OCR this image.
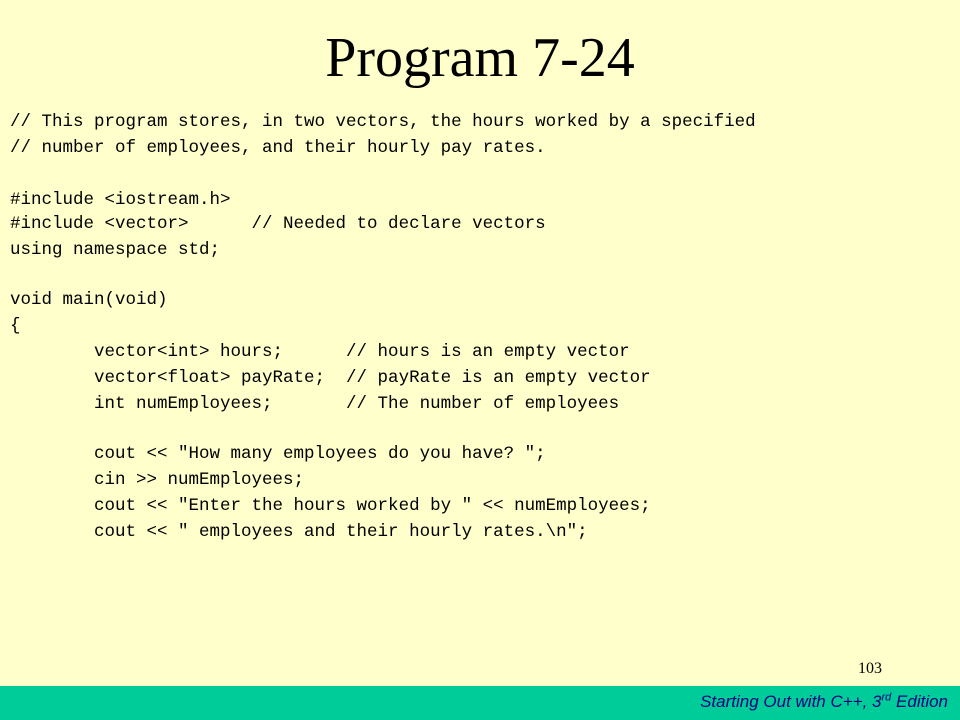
Program 7-24
// This program stores, in two vectors, the hours worked by a specified
// number of employees, and their hourly pay rates.
#include <iostream.h>
#include <vector>      // Needed to declare vectors
using namespace std;
void main(void)
{
vector<int> hours;      // hours is an empty vector
vector<float> payRate;  // payRate is an empty vector
int numEmployees;       // The number of employees
cout << "How many employees do you have? ";
cin >> numEmployees;
cout << "Enter the hours worked by " << numEmployees;
cout << " employees and their hourly rates.\n";
103
Starting Out with C++, 3rd Edition
